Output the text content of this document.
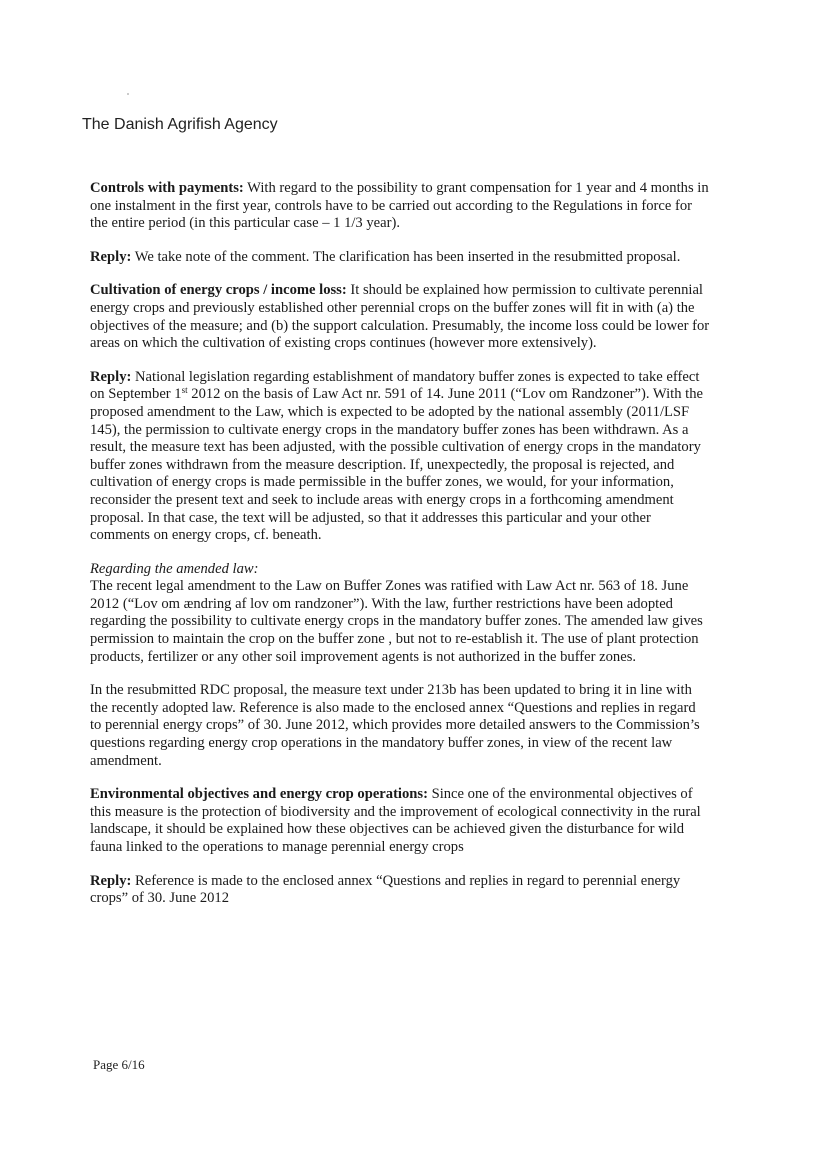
The Danish Agrifish Agency

Controls with payments: With regard to the possibility to grant compensation for 1 year and 4 months in one instalment in the first year, controls have to be carried out according to the Regulations in force for the entire period (in this particular case – 1 1/3 year).

Reply: We take note of the comment. The clarification has been inserted in the resubmitted proposal.

Cultivation of energy crops / income loss: It should be explained how permission to cultivate perennial energy crops and previously established other perennial crops on the buffer zones will fit in with (a) the objectives of the measure; and (b) the support calculation. Presumably, the income loss could be lower for areas on which the cultivation of existing crops continues (however more extensively).

Reply: National legislation regarding establishment of mandatory buffer zones is expected to take effect on September 1st 2012 on the basis of Law Act nr. 591 of 14. June 2011 (“Lov om Randzoner”). With the proposed amendment to the Law, which is expected to be adopted by the national assembly (2011/LSF 145), the permission to cultivate energy crops in the mandatory buffer zones has been withdrawn. As a result, the measure text has been adjusted, with the possible cultivation of energy crops in the mandatory buffer zones withdrawn from the measure description. If, unexpectedly, the proposal is rejected, and cultivation of energy crops is made permissible in the buffer zones, we would, for your information, reconsider the present text and seek to include areas with energy crops in a forthcoming amendment proposal. In that case, the text will be adjusted, so that it addresses this particular and your other comments on energy crops, cf. beneath.

Regarding the amended law:

The recent legal amendment to the Law on Buffer Zones was ratified with Law Act nr. 563 of 18. June 2012 (“Lov om ændring af lov om randzoner”). With the law, further restrictions have been adopted regarding the possibility to cultivate energy crops in the mandatory buffer zones. The amended law gives permission to maintain the crop on the buffer zone , but not to re-establish it. The use of plant protection products, fertilizer or any other soil improvement agents is not authorized in the buffer zones.

In the resubmitted RDC proposal, the measure text under 213b has been updated to bring it in line with the recently adopted law. Reference is also made to the enclosed annex “Questions and replies in regard to perennial energy crops” of 30. June 2012, which provides more detailed answers to the Commission’s questions regarding energy crop operations in the mandatory buffer zones, in view of the recent law amendment.

Environmental objectives and energy crop operations: Since one of the environmental objectives of this measure is the protection of biodiversity and the improvement of ecological connectivity in the rural landscape, it should be explained how these objectives can be achieved given the disturbance for wild fauna linked to the operations to manage perennial energy crops

Reply: Reference is made to the enclosed annex “Questions and replies in regard to perennial energy crops” of 30. June 2012

Page 6/16
